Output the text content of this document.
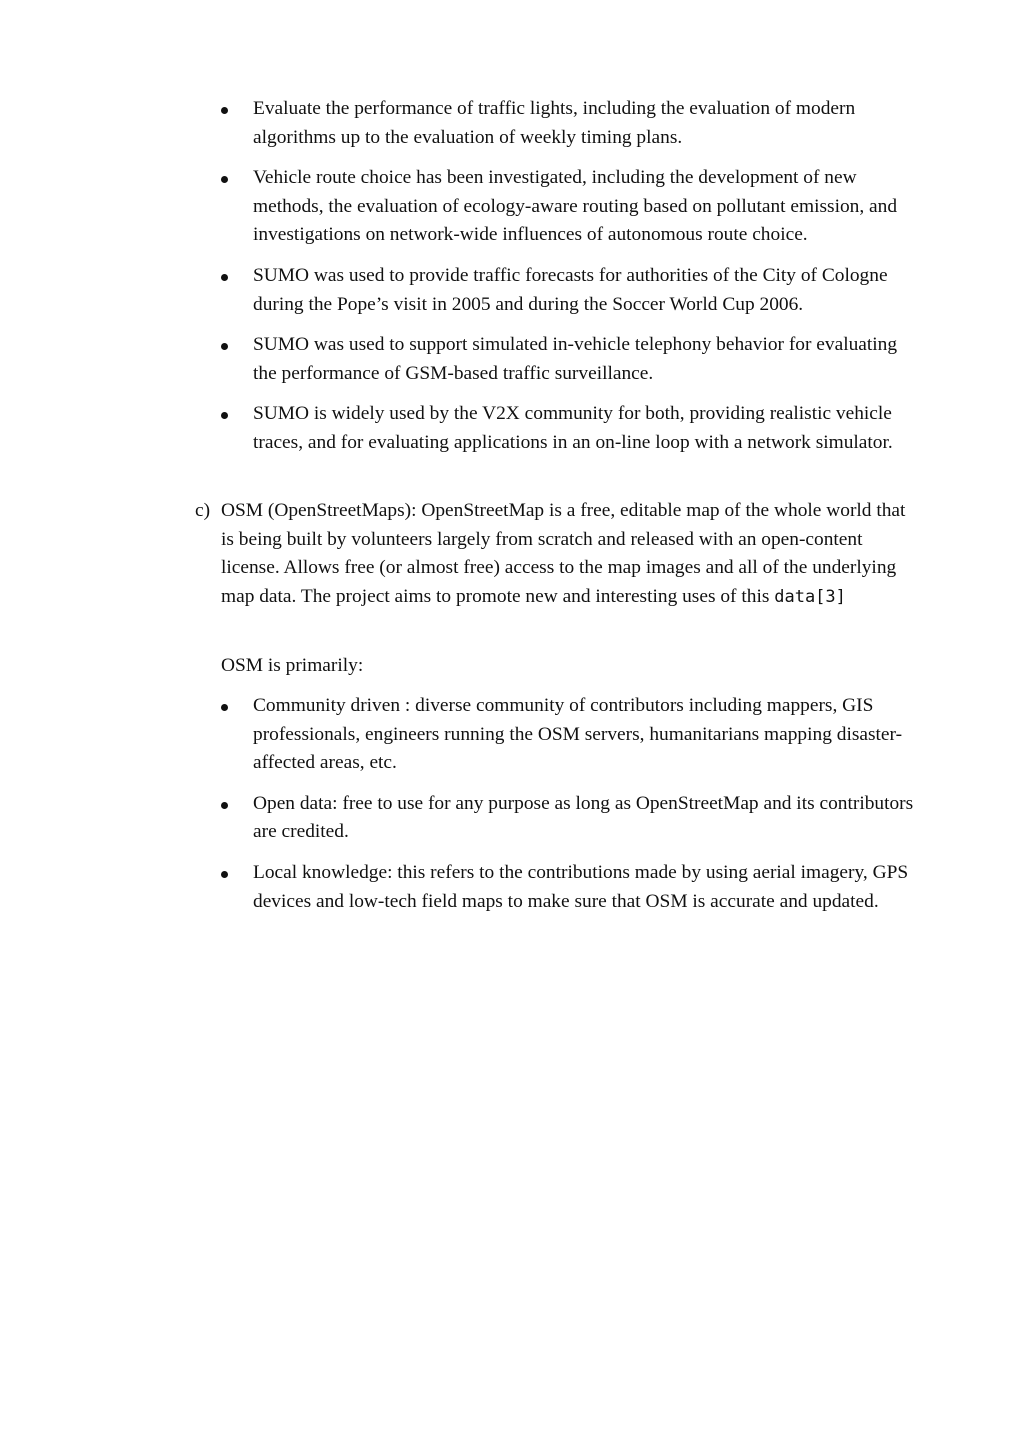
Evaluate the performance of traffic lights, including the evaluation of modern algorithms up to the evaluation of weekly timing plans.
Vehicle route choice has been investigated, including the development of new methods, the evaluation of ecology-aware routing based on pollutant emission, and investigations on network-wide influences of autonomous route choice.
SUMO was used to provide traffic forecasts for authorities of the City of Cologne during the Pope’s visit in 2005 and during the Soccer World Cup 2006.
SUMO was used to support simulated in-vehicle telephony behavior for evaluating the performance of GSM-based traffic surveillance.
SUMO is widely used by the V2X community for both, providing realistic vehicle traces, and for evaluating applications in an on-line loop with a network simulator.
c) OSM (OpenStreetMaps): OpenStreetMap is a free, editable map of the whole world that is being built by volunteers largely from scratch and released with an open-content license. Allows free (or almost free) access to the map images and all of the underlying map data. The project aims to promote new and interesting uses of this data[3]
OSM is primarily:
Community driven : diverse community of contributors including mappers, GIS professionals, engineers running the OSM servers, humanitarians mapping disaster-affected areas, etc.
Open data: free to use for any purpose as long as OpenStreetMap and its contributors are credited.
Local knowledge: this refers to the contributions made by using aerial imagery, GPS devices and low-tech field maps to make sure that OSM is accurate and updated.
